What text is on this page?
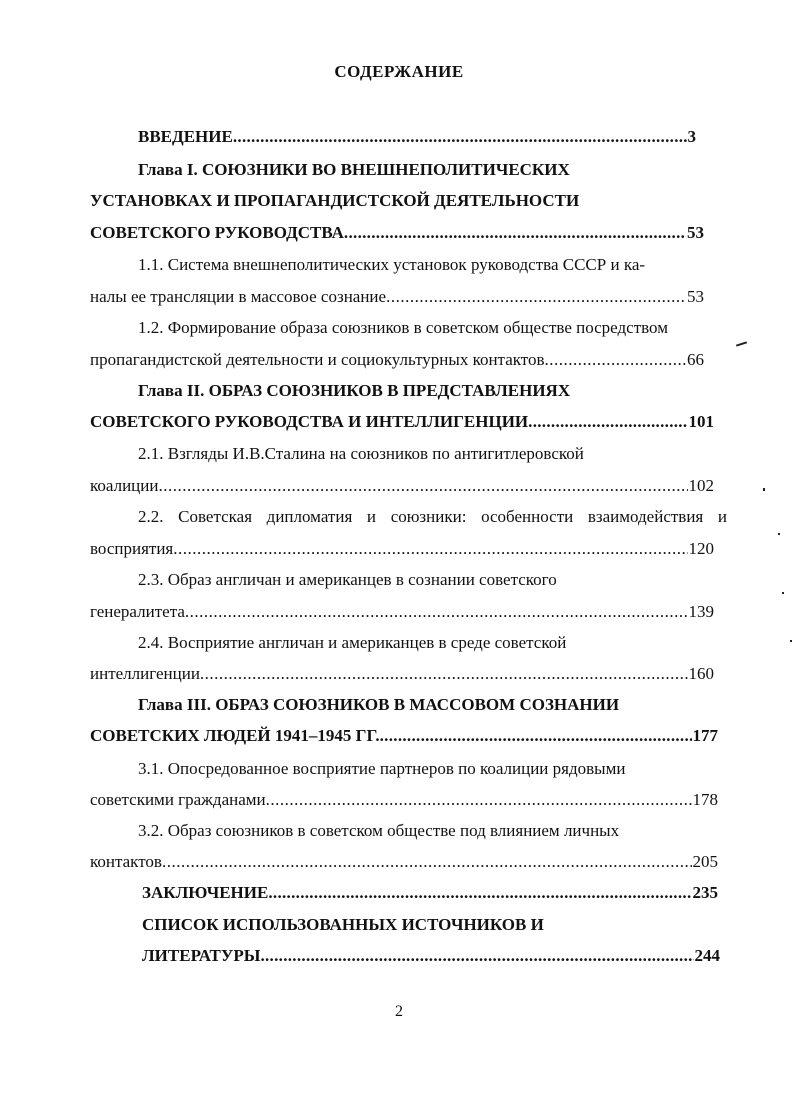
СОДЕРЖАНИЕ
ВВЕДЕНИЕ .....	3
Глава I. СОЮЗНИКИ ВО ВНЕШНЕПОЛИТИЧЕСКИХ
УСТАНОВКАХ И ПРОПАГАНДИСТСКОЙ ДЕЯТЕЛЬНОСТИ
СОВЕТСКОГО РУКОВОДСТВА .....	53
1.1. Система внешнеполитических установок руководства СССР и ка-
налы ее трансляции в массовое сознание .....	53
1.2. Формирование образа союзников в советском обществе посредством
пропагандистской деятельности и социокультурных контактов .....	66
Глава II. ОБРАЗ СОЮЗНИКОВ В ПРЕДСТАВЛЕНИЯХ
СОВЕТСКОГО РУКОВОДСТВА И ИНТЕЛЛИГЕНЦИИ .....	101
2.1. Взгляды И.В.Сталина на союзников по антигитлеровской
коалиции .....	102
2.2. Советская дипломатия и союзники: особенности взаимодействия и
восприятия .....	120
2.3. Образ англичан и американцев в сознании советского
генералитета .....	139
2.4. Восприятие англичан и американцев в среде советской
интеллигенции .....	160
Глава III. ОБРАЗ СОЮЗНИКОВ В МАССОВОМ СОЗНАНИИ
СОВЕТСКИХ ЛЮДЕЙ 1941–1945 ГГ. .....	177
3.1. Опосредованное восприятие партнеров по коалиции рядовыми
советскими гражданами .....	178
3.2. Образ союзников в советском обществе под влиянием личных
контактов .....	205
ЗАКЛЮЧЕНИЕ .....	235
СПИСОК ИСПОЛЬЗОВАННЫХ ИСТОЧНИКОВ И
ЛИТЕРАТУРЫ .....	244
2
